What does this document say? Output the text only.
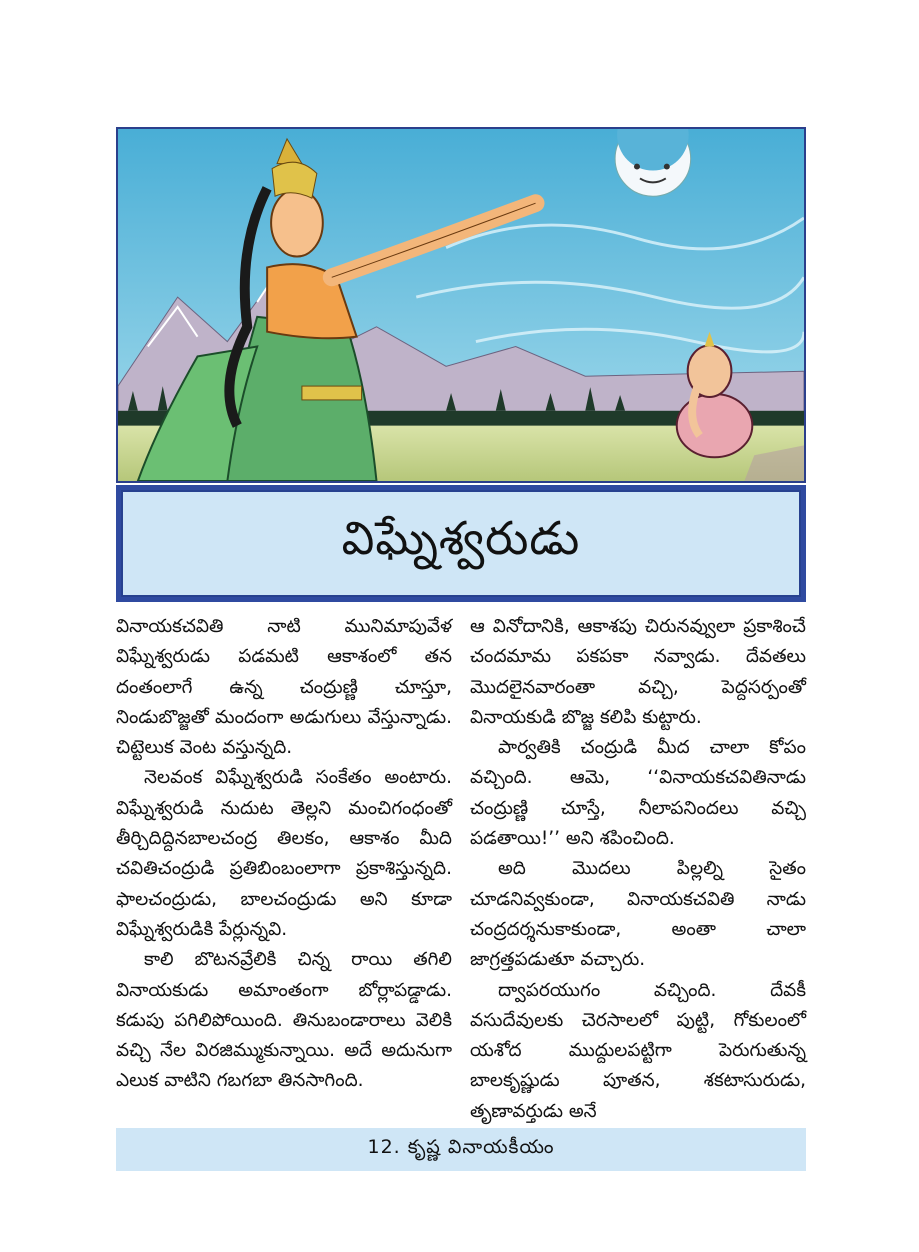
విఘ్నేశ్వరుడు

వినాయకచవితి నాటి మునిమాపువేళ విఘ్నేశ్వరుడు పడమటి ఆకాశంలో తన దంతంలాగే ఉన్న చంద్రుణ్ణి చూస్తూ, నిండుబొజ్జతో మందంగా అడుగులు వేస్తున్నాడు. చిట్టెలుక వెంట వస్తున్నది.

నెలవంక విఘ్నేశ్వరుడి సంకేతం అంటారు. విఘ్నేశ్వరుడి నుదుట తెల్లని మంచిగంధంతో తీర్చిదిద్దినబాలచంద్ర తిలకం, ఆకాశం మీది చవితిచంద్రుడి ప్రతిబింబంలాగా ప్రకాశిస్తున్నది. ఫాలచంద్రుడు, బాలచంద్రుడు అని కూడా విఘ్నేశ్వరుడికి పేర్లున్నవి.

కాలి బొటనవ్రేలికి చిన్న రాయి తగిలి వినాయకుడు అమాంతంగా బోర్లాపడ్డాడు. కడుపు పగిలిపోయింది. తినుబండారాలు వెలికి వచ్చి నేల విరజిమ్ముకున్నాయి. అదే అదునుగా ఎలుక వాటిని గబగబా తినసాగింది.

ఆ వినోదానికి, ఆకాశపు చిరునవ్వులా ప్రకాశించే చందమామ పకపకా నవ్వాడు. దేవతలు మొదలైనవారంతా వచ్చి, పెద్దసర్పంతో వినాయకుడి బొజ్జ కలిపి కుట్టారు.

పార్వతికి చంద్రుడి మీద చాలా కోపం వచ్చింది. ఆమె, ‘‘వినాయకచవితినాడు చంద్రుణ్ణి చూస్తే, నీలాపనిందలు వచ్చి పడతాయి!’’ అని శపించింది.

అది మొదలు పిల్లల్ని సైతం చూడనివ్వకుండా, వినాయకచవితి నాడు చంద్రదర్శనుకాకుండా, అంతా చాలా జాగ్రత్తపడుతూ వచ్చారు.

ద్వాపరయుగం వచ్చింది. దేవకీ వసుదేవులకు చెరసాలలో పుట్టి, గోకులంలో యశోద ముద్దులపట్టిగా పెరుగుతున్న బాలకృష్ణుడు పూతన, శకటాసురుడు, తృణావర్తుడు అనే

12. కృష్ణ వినాయకీయం
